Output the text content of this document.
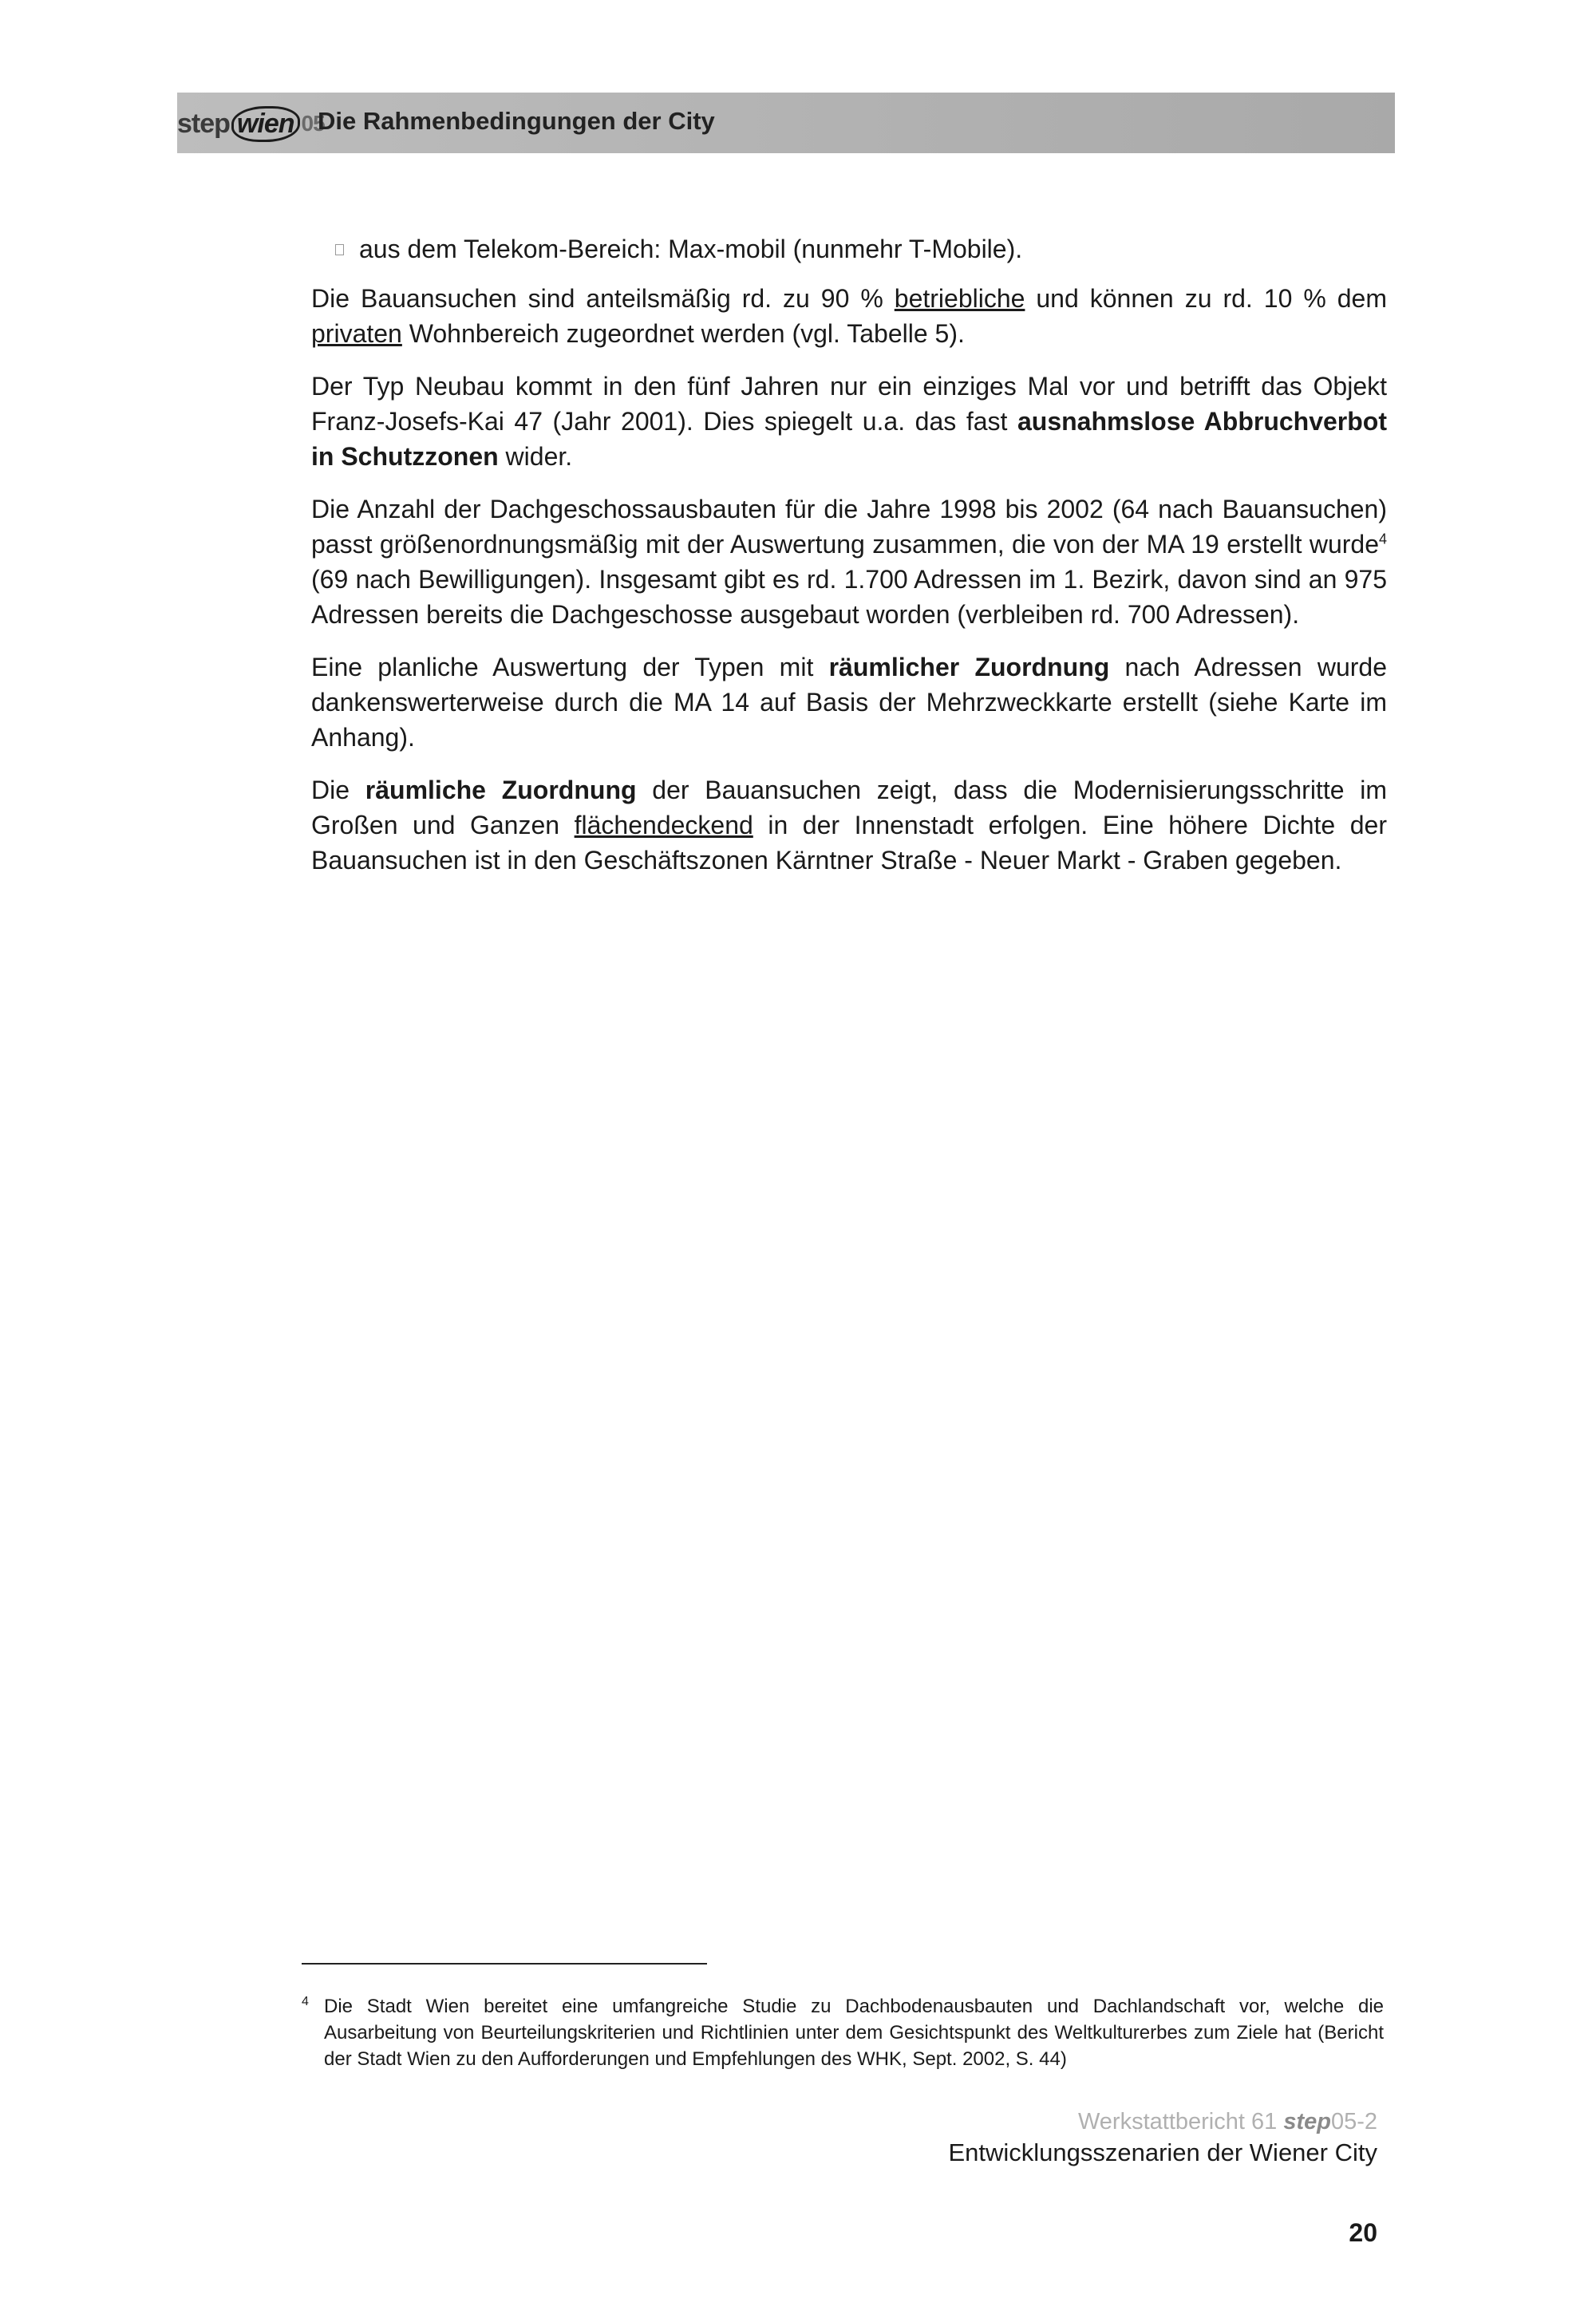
step wien 05
Die Rahmenbedingungen der City

aus dem Telekom-Bereich: Max-mobil (nunmehr T-Mobile).

Die Bauansuchen sind anteilsmäßig rd. zu 90 % betriebliche und können zu rd. 10 % dem privaten Wohnbereich zugeordnet werden (vgl. Tabelle 5).

Der Typ Neubau kommt in den fünf Jahren nur ein einziges Mal vor und betrifft das Objekt Franz-Josefs-Kai 47 (Jahr 2001). Dies spiegelt u.a. das fast ausnahmslose Abbruchverbot in Schutzzonen wider.

Die Anzahl der Dachgeschossausbauten für die Jahre 1998 bis 2002 (64 nach Bauansuchen) passt größenordnungsmäßig mit der Auswertung zusammen, die von der MA 19 erstellt wurde$^4$ (69 nach Bewilligungen). Insgesamt gibt es rd. 1.700 Adressen im 1. Bezirk, davon sind an 975 Adressen bereits die Dachgeschosse ausgebaut worden (verbleiben rd. 700 Adressen).

Eine planliche Auswertung der Typen mit räumlicher Zuordnung nach Adressen wurde dankenswerterweise durch die MA 14 auf Basis der Mehrzweckkarte erstellt (siehe Karte im Anhang).

Die räumliche Zuordnung der Bauansuchen zeigt, dass die Modernisierungsschritte im Großen und Ganzen flächendeckend in der Innenstadt erfolgen. Eine höhere Dichte der Bauansuchen ist in den Geschäftszonen Kärntner Straße - Neuer Markt - Graben gegeben.

4 Die Stadt Wien bereitet eine umfangreiche Studie zu Dachbodenausbauten und Dachlandschaft vor, welche die Ausarbeitung von Beurteilungskriterien und Richtlinien unter dem Gesichtspunkt des Weltkulturerbes zum Ziele hat (Bericht der Stadt Wien zu den Aufforderungen und Empfehlungen des WHK, Sept. 2002, S. 44)
Werkstattbericht 61 step05-2
Entwicklungsszenarien der Wiener City
20
